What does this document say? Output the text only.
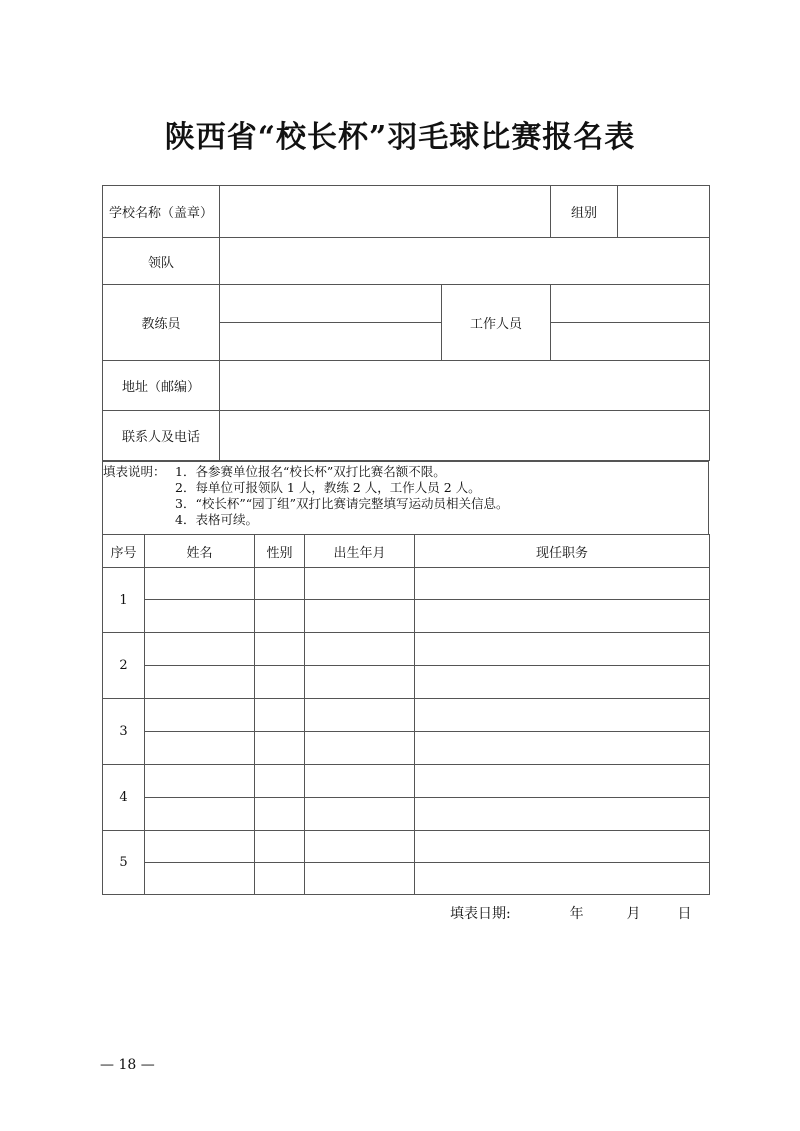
陕西省“校长杯”羽毛球比赛报名表
学校名称（盖章）			组别	
领队				
教练员		工作人员		

地址（邮编）				
联系人及电话				
填表说明： 1．各参赛单位报名“校长杯”双打比赛名额不限。
2．每单位可报领队 1 人，教练 2 人，工作人员 2 人。
3．“校长杯”“园丁组”双打比赛请完整填写运动员相关信息。
4．表格可续。
序号	姓名	性别	出生年月	现任职务
1				

2				

3				

4				

5				

填表日期:	年	月	日
— 18 —
